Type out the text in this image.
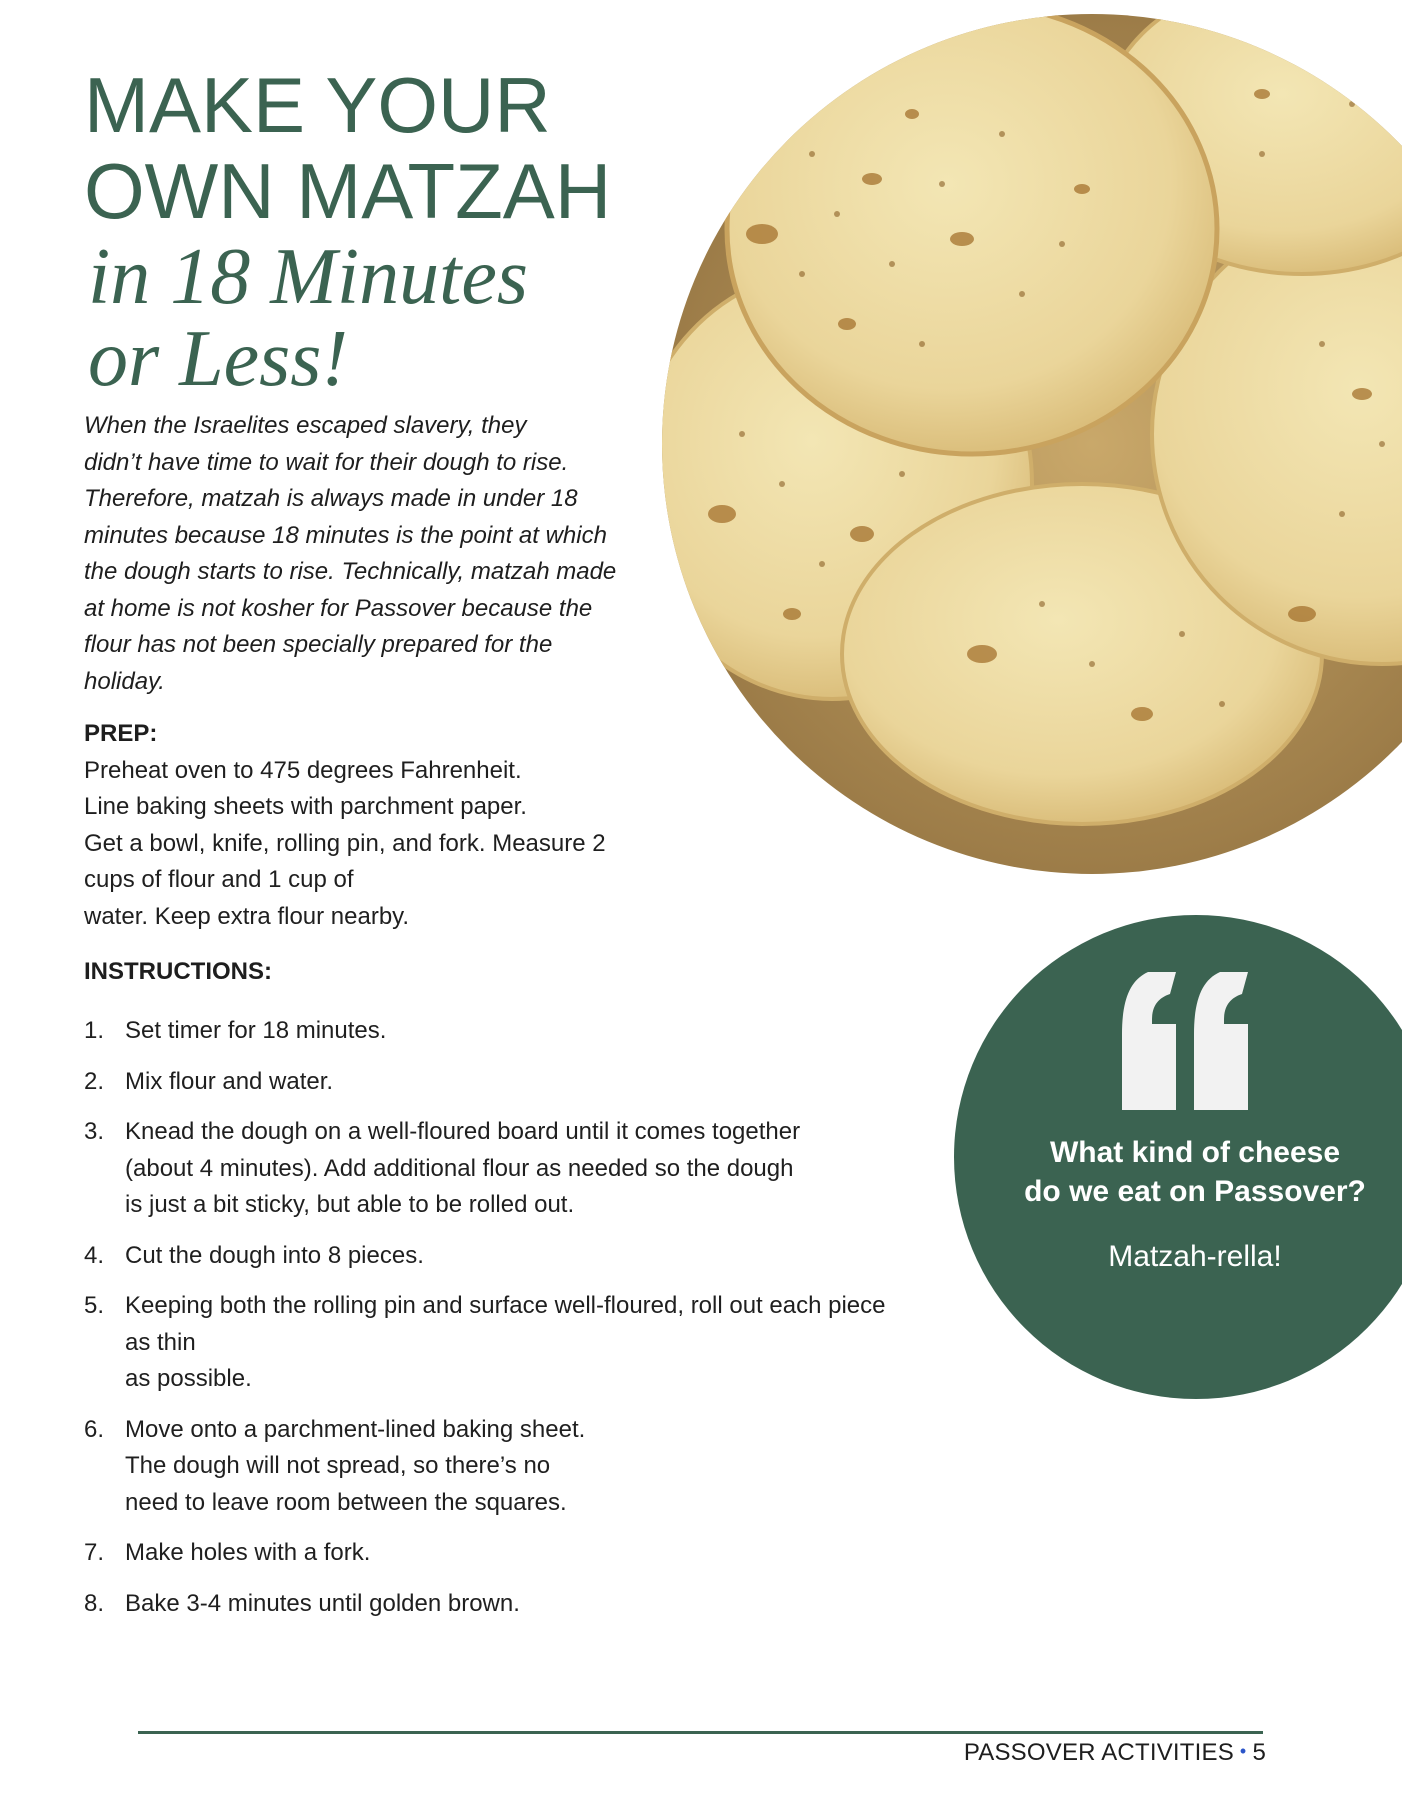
MAKE YOUR
OWN MATZAH
in 18 Minutes
or Less!
When the Israelites escaped slavery, they
didn’t have time to wait for their dough to rise.
Therefore, matzah is always made in under 18
minutes because 18 minutes is the point at which
the dough starts to rise. Technically, matzah made
at home is not kosher for Passover because the
flour has not been specially prepared for the
holiday.
PREP:
Preheat oven to 475 degrees Fahrenheit.
Line baking sheets with parchment paper.
Get a bowl, knife, rolling pin, and fork. Measure 2
cups of flour and 1 cup of
water. Keep extra flour nearby.
INSTRUCTIONS:
1. Set timer for 18 minutes.
2. Mix flour and water.
3. Knead the dough on a well-floured board until it comes together
(about 4 minutes). Add additional flour as needed so the dough
is just a bit sticky, but able to be rolled out.
4. Cut the dough into 8 pieces.
5. Keeping both the rolling pin and surface well-floured, roll out each piece
as thin
as possible.
6. Move onto a parchment-lined baking sheet.
The dough will not spread, so there’s no
need to leave room between the squares.
7. Make holes with a fork.
8. Bake 3-4 minutes until golden brown.
What kind of cheese
do we eat on Passover?
Matzah-rella!
PASSOVER ACTIVITIES • 5
